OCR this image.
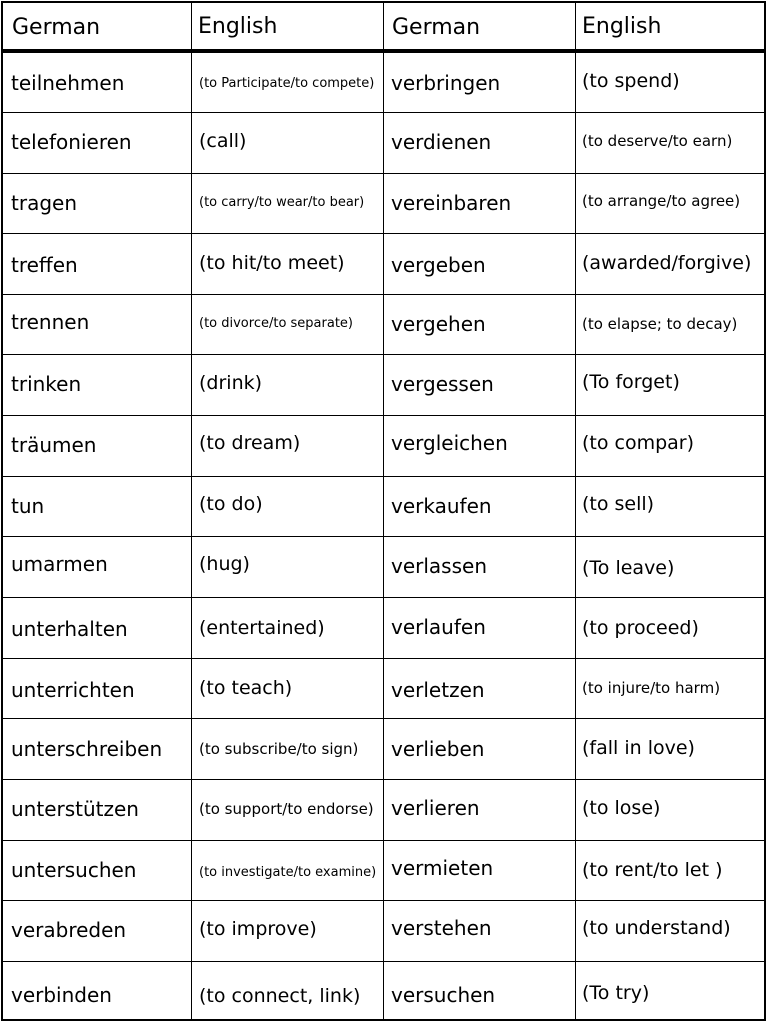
German	English	German	English
teilnehmen	(to Participate/to compete) verbringen	(to spend)
telefonieren	(call)	verdienen	(to deserve/to earn)
tragen	(to carry/to wear/to bear) vereinbaren	(to arrange/to agree)
treffen	(to hit/to meet) vergeben	(awarded/forgive)
trennen	(to divorce/to separate) vergehen	(to elapse; to decay)
trinken	(drink)	vergessen	(To forget)
träumen	(to dream)	vergleichen	(to compar)
tun	(to do)	verkaufen	(to sell)
umarmen	(hug)	verlassen	(To leave)
unterhalten	(entertained)	verlaufen	(to proceed)
unterrichten	(to teach)	verletzen	(to injure/to harm)
unterschreiben (to subscribe/to sign) verlieben	(fall in love)
unterstützen	(to support/to endorse) verlieren	(to lose)
untersuchen	(to investigate/to examine) vermieten	(to rent/to let )
verabreden	(to improve)	verstehen	(to understand)
verbinden	(to connect, link) versuchen	(To try)
